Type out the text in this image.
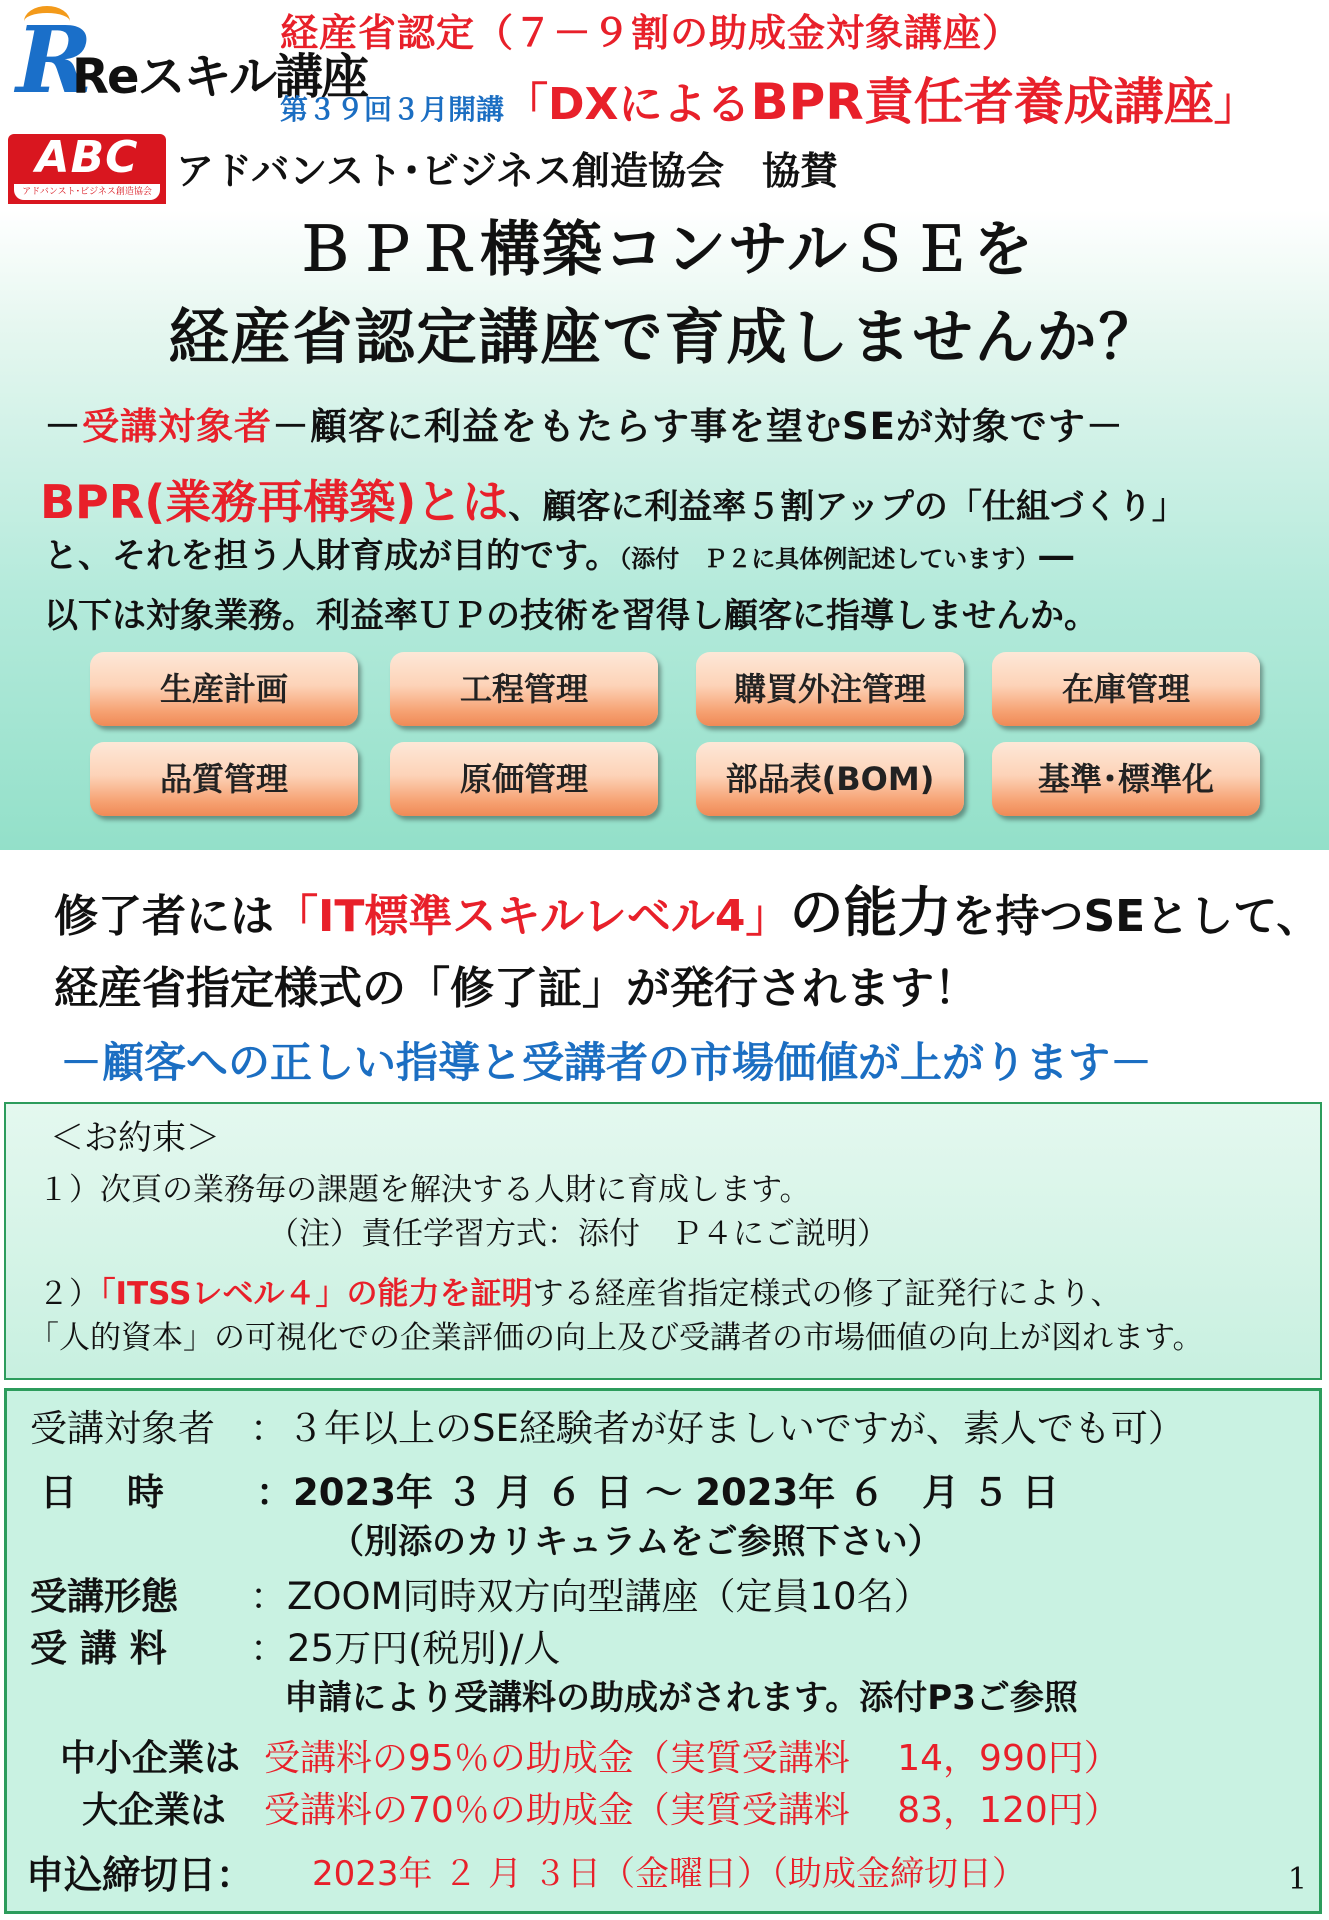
R
Reスキル講座
経産省認定（７－９割の助成金対象講座）
第３９回３月開講「DXによるBPR責任者養成講座」
ABC
アドバンスト･ビジネス創造協会 アドバンスト･ビジネス創造協会　協賛
ＢＰＲ構築コンサルＳＥを
経産省認定講座で育成しませんか？
－受講対象者－顧客に利益をもたらす事を望むSEが対象です－
BPR(業務再構築)とは、顧客に利益率５割アップの「仕組づくり」
と、それを担う人財育成が目的です。（添付　Ｐ２に具体例記述しています）―
以下は対象業務。利益率ＵＰの技術を習得し顧客に指導しませんか。
生産計画	工程管理	購買外注管理	在庫管理
品質管理	原価管理	部品表(BOM)	基準･標準化
修了者には「IT標準スキルレベル4」の能力を持つSEとして、
経産省指定様式の「修了証」が発行されます！
－顧客への正しい指導と受講者の市場価値が上がります－
＜お約束＞
１）次頁の業務毎の課題を解決する人財に育成します。
（注）責任学習方式：添付　Ｐ４にご説明）
２）「ITSSレベル４」の能力を証明する経産省指定様式の修了証発行により、
「人的資本」の可視化での企業評価の向上及び受講者の市場価値の向上が図れます。
受講対象者 ：３年以上のSE経験者が好ましいですが、素人でも可）
日　 時 ：2023年 ３ 月 ６ 日 ～ 2023年 ６　月 ５ 日
（別添のカリキュラムをご参照下さい）
受講形態 ：ZOOM同時双方向型講座（定員10名）
受 講 料 ：25万円(税別)/人
申請により受講料の助成がされます。添付P3ご参照
中小企業は 受講料の95％の助成金（実質受講料　 14，990円）
大企業は 受講料の70％の助成金（実質受講料　 83，120円）
申込締切日： 2023年 ２ 月 ３日（金曜日）（助成金締切日）	1
